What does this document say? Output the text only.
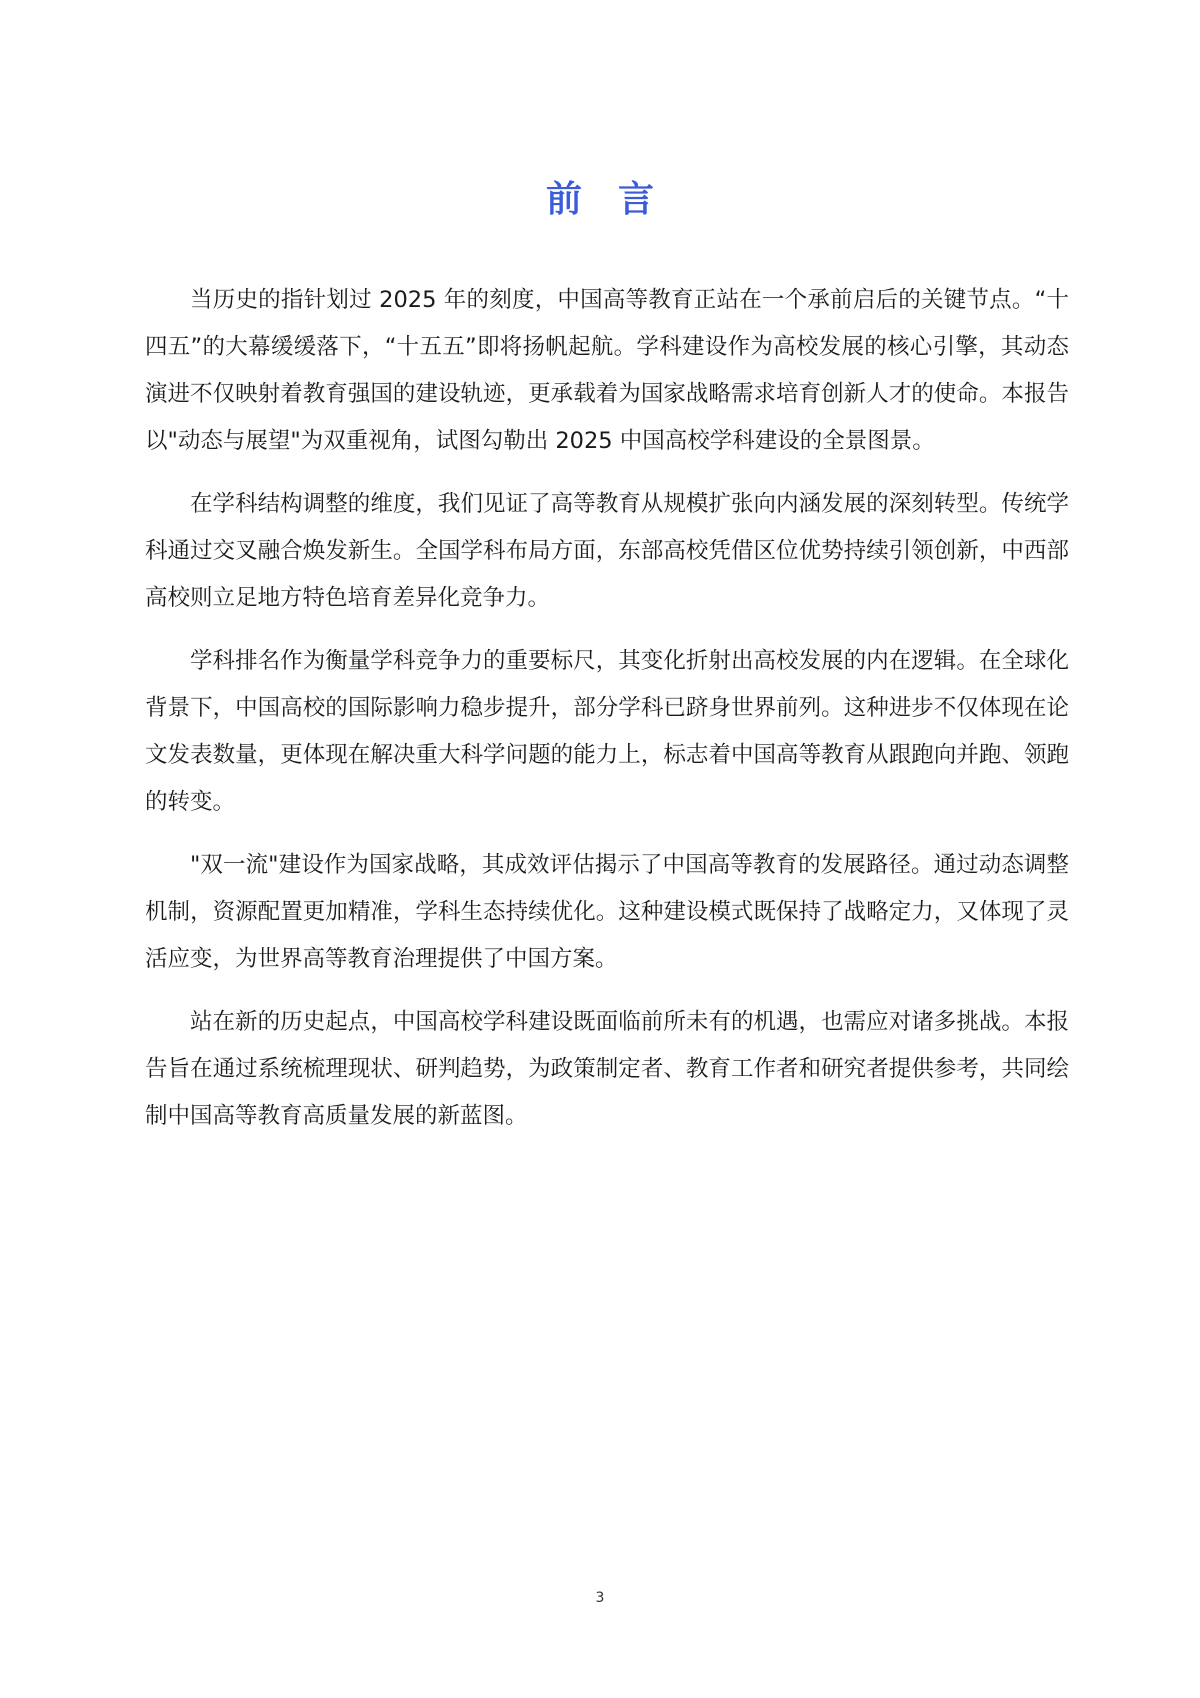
前言

当历史的指针划过 2025 年的刻度，中国高等教育正站在一个承前启后的关键节点。“十四五”的大幕缓缓落下，“十五五”即将扬帆起航。学科建设作为高校发展的核心引擎，其动态演进不仅映射着教育强国的建设轨迹，更承载着为国家战略需求培育创新人才的使命。本报告以"动态与展望"为双重视角，试图勾勒出 2025 中国高校学科建设的全景图景。

在学科结构调整的维度，我们见证了高等教育从规模扩张向内涵发展的深刻转型。传统学科通过交叉融合焕发新生。全国学科布局方面，东部高校凭借区位优势持续引领创新，中西部高校则立足地方特色培育差异化竞争力。

学科排名作为衡量学科竞争力的重要标尺，其变化折射出高校发展的内在逻辑。在全球化背景下，中国高校的国际影响力稳步提升，部分学科已跻身世界前列。这种进步不仅体现在论文发表数量，更体现在解决重大科学问题的能力上，标志着中国高等教育从跟跑向并跑、领跑的转变。

"双一流"建设作为国家战略，其成效评估揭示了中国高等教育的发展路径。通过动态调整机制，资源配置更加精准，学科生态持续优化。这种建设模式既保持了战略定力，又体现了灵活应变，为世界高等教育治理提供了中国方案。

站在新的历史起点，中国高校学科建设既面临前所未有的机遇，也需应对诸多挑战。本报告旨在通过系统梳理现状、研判趋势，为政策制定者、教育工作者和研究者提供参考，共同绘制中国高等教育高质量发展的新蓝图。

3
